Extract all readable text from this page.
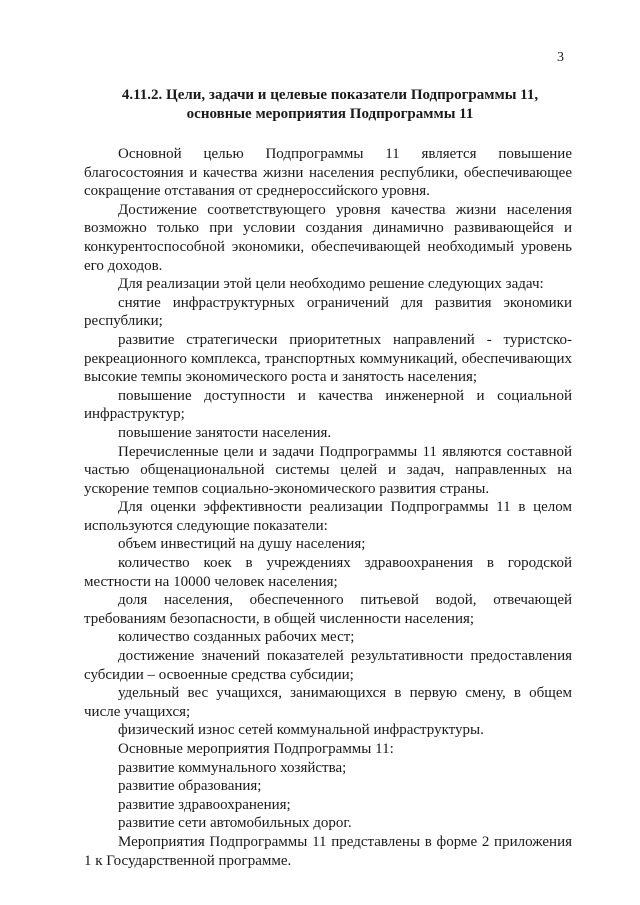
3
4.11.2. Цели, задачи и целевые показатели Подпрограммы 11,
основные мероприятия Подпрограммы 11

Основной целью Подпрограммы 11 является повышение благосостояния и качества жизни населения республики, обеспечивающее сокращение отставания от среднероссийского уровня.

Достижение соответствующего уровня качества жизни населения возможно только при условии создания динамично развивающейся и конкурентоспособной экономики, обеспечивающей необходимый уровень его доходов.

Для реализации этой цели необходимо решение следующих задач:

снятие инфраструктурных ограничений для развития экономики республики;

развитие стратегически приоритетных направлений - туристско-рекреационного комплекса, транспортных коммуникаций, обеспечивающих высокие темпы экономического роста и занятость населения;

повышение доступности и качества инженерной и социальной инфраструктур;

повышение занятости населения.

Перечисленные цели и задачи Подпрограммы 11 являются составной частью общенациональной системы целей и задач, направленных на ускорение темпов социально-экономического развития страны.

Для оценки эффективности реализации Подпрограммы 11 в целом используются следующие показатели:

объем инвестиций на душу населения;

количество коек в учреждениях здравоохранения в городской местности на 10000 человек населения;

доля населения, обеспеченного питьевой водой, отвечающей требованиям безопасности, в общей численности населения;

количество созданных рабочих мест;

достижение значений показателей результативности предоставления субсидии – освоенные средства субсидии;

удельный вес учащихся, занимающихся в первую смену, в общем числе учащихся;

физический износ сетей коммунальной инфраструктуры.

Основные мероприятия Подпрограммы 11:

развитие коммунального хозяйства;

развитие образования;

развитие здравоохранения;

развитие сети автомобильных дорог.

Мероприятия Подпрограммы 11 представлены в форме 2 приложения 1 к Государственной программе.
